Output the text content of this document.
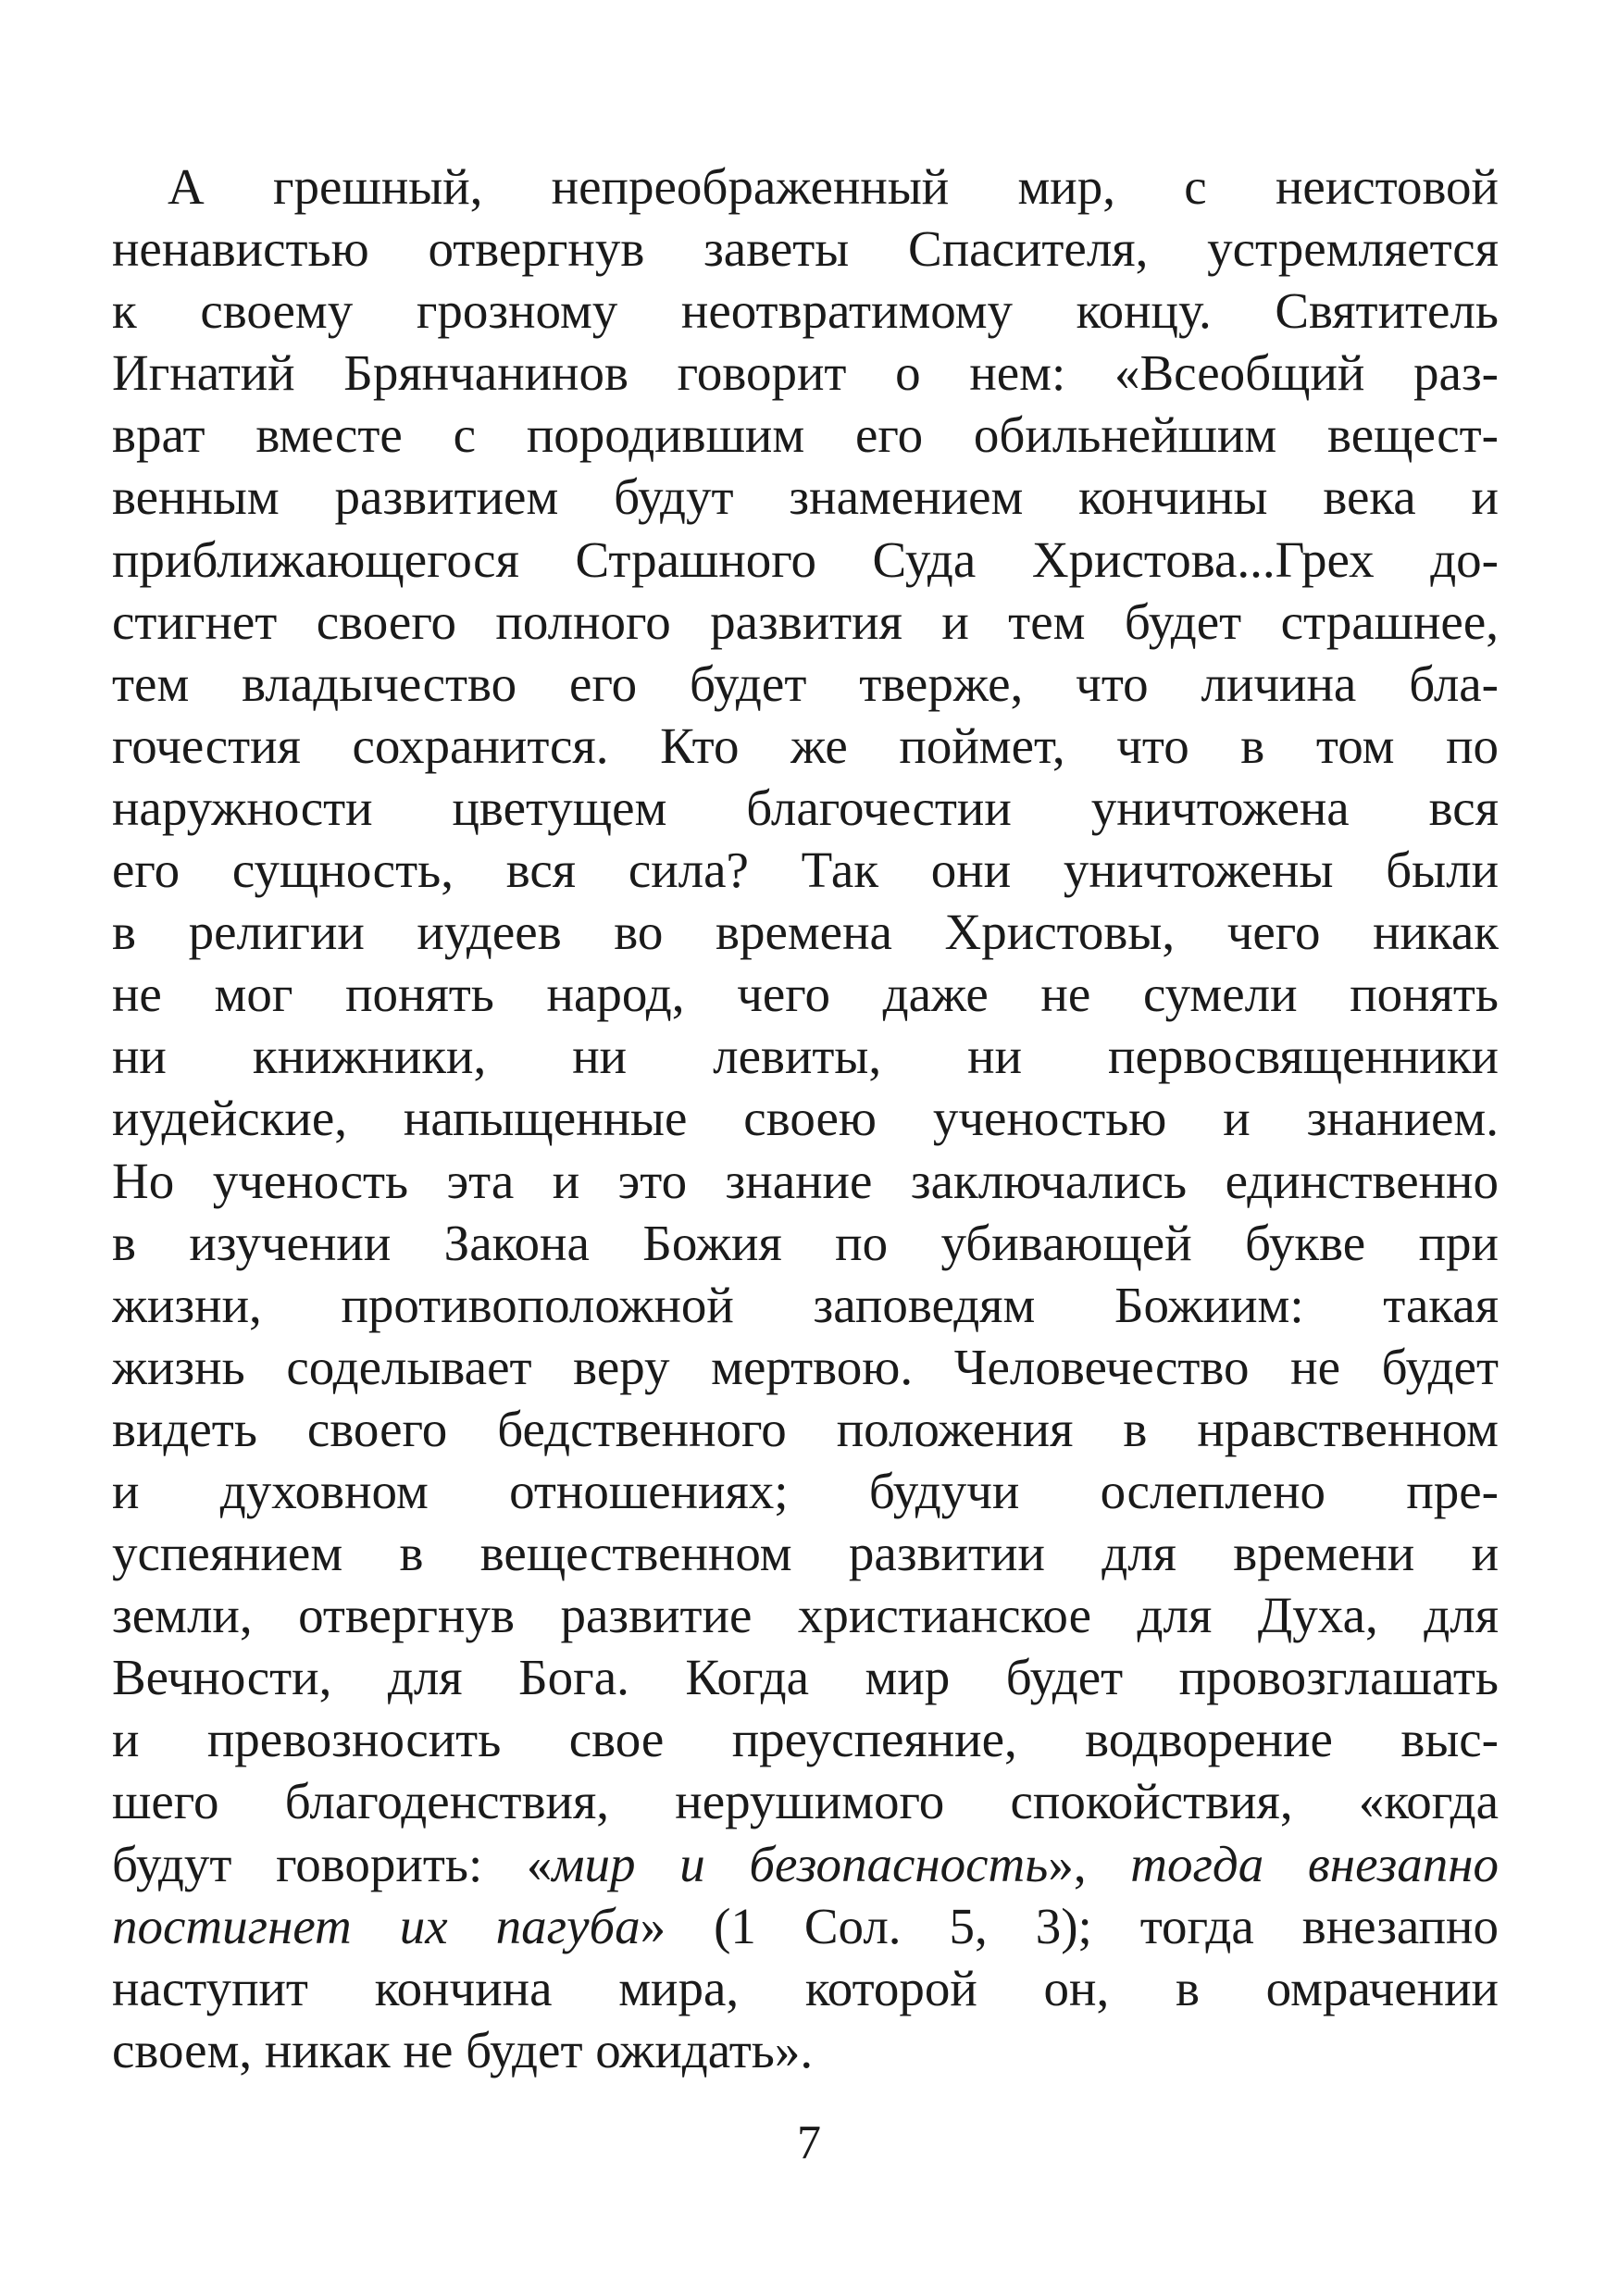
А грешный, непреображенный мир, с неистовой
ненавистью отвергнув заветы Спасителя, устремляется
к своему грозному неотвратимому концу. Святитель
Игнатий Брянчанинов говорит о нем: «Всеобщий раз-
врат вместе с породившим его обильнейшим вещест-
венным развитием будут знамением кончины века и
приближающегося Страшного Суда Христова...Грех до-
стигнет своего полного развития и тем будет страшнее,
тем владычество его будет тверже, что личина бла-
гочестия сохранится. Кто же поймет, что в том по
наружности цветущем благочестии уничтожена вся
его сущность, вся сила? Так они уничтожены были
в религии иудеев во времена Христовы, чего никак
не мог понять народ, чего даже не сумели понять
ни книжники, ни левиты, ни первосвященники
иудейские, напыщенные своею ученостью и знанием.
Но ученость эта и это знание заключались единственно
в изучении Закона Божия по убивающей букве при
жизни, противоположной заповедям Божиим: такая
жизнь соделывает веру мертвою. Человечество не будет
видеть своего бедственного положения в нравственном
и духовном отношениях; будучи ослеплено пре-
успеянием в вещественном развитии для времени и
земли, отвергнув развитие христианское для Духа, для
Вечности, для Бога. Когда мир будет провозглашать
и превозносить свое преуспеяние, водворение выс-
шего благоденствия, нерушимого спокойствия, «когда
будут говорить: «мир и безопасность», тогда внезапно
постигнет их пагуба» (1 Сол. 5, 3); тогда внезапно
наступит кончина мира, которой он, в омрачении
своем, никак не будет ожидать».
7
